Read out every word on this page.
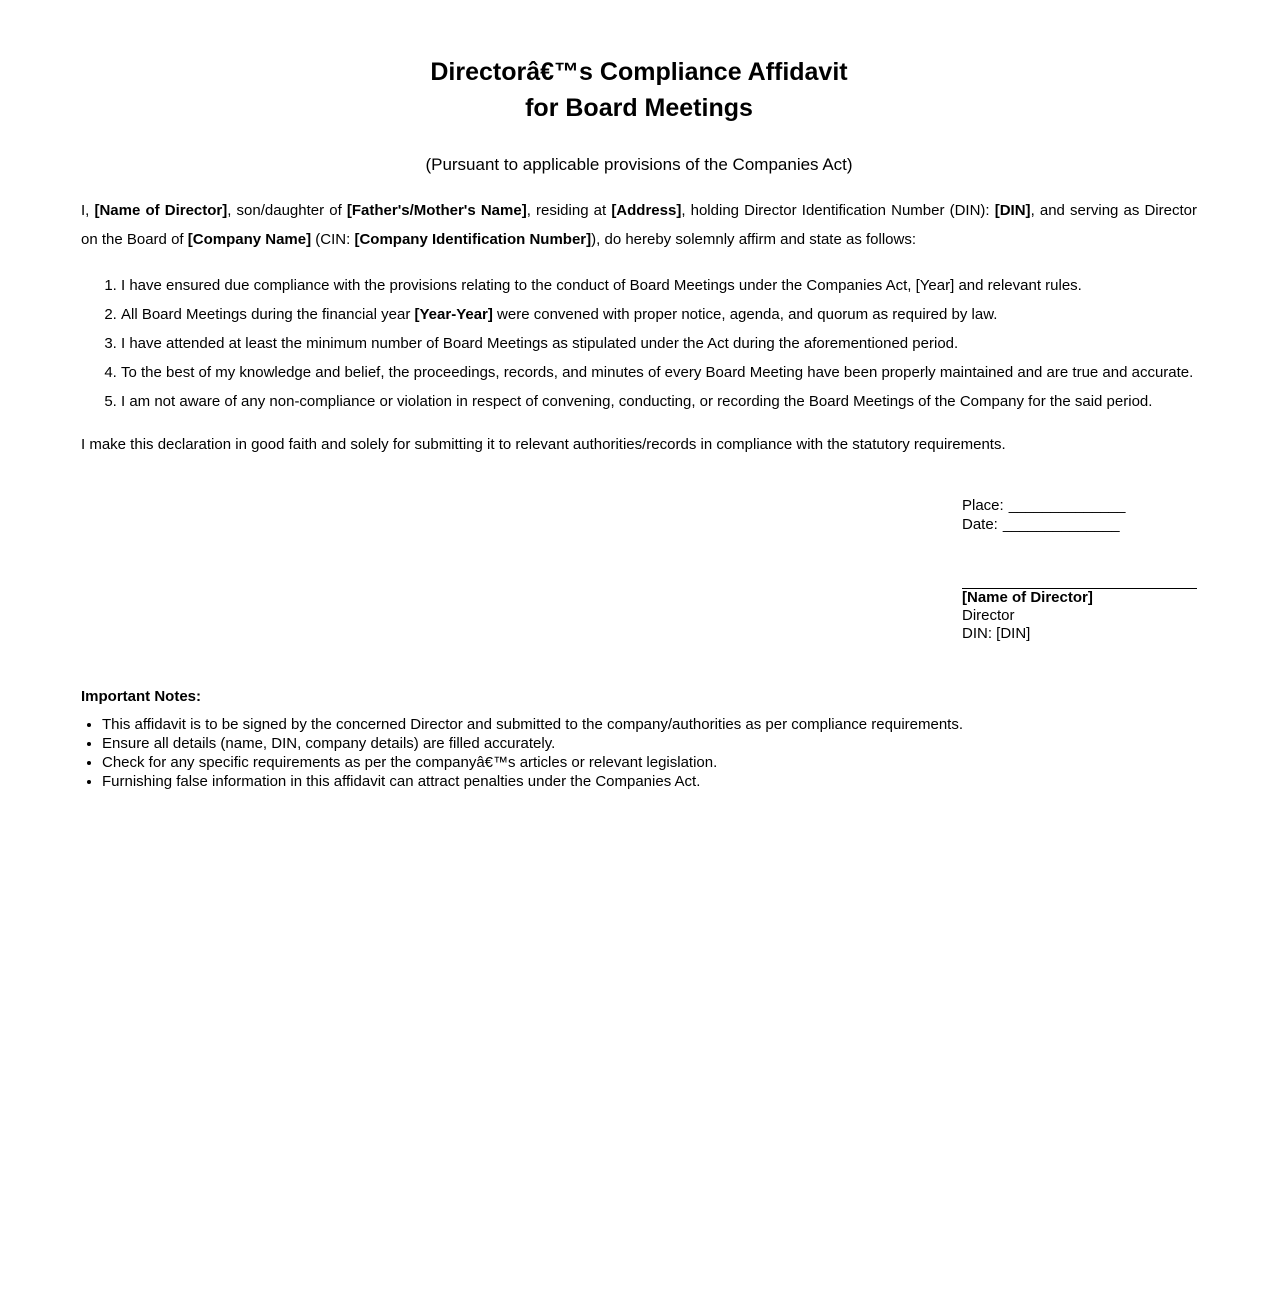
Directorâ€™s Compliance Affidavit
for Board Meetings

(Pursuant to applicable provisions of the Companies Act)

I, [Name of Director], son/daughter of [Father's/Mother's Name], residing at [Address], holding Director Identification Number (DIN): [DIN], and serving as Director on the Board of [Company Name] (CIN: [Company Identification Number]), do hereby solemnly affirm and state as follows:

1. I have ensured due compliance with the provisions relating to the conduct of Board Meetings under the Companies Act, [Year] and relevant rules.
2. All Board Meetings during the financial year [Year-Year] were convened with proper notice, agenda, and quorum as required by law.
3. I have attended at least the minimum number of Board Meetings as stipulated under the Act during the aforementioned period.
4. To the best of my knowledge and belief, the proceedings, records, and minutes of every Board Meeting have been properly maintained and are true and accurate.
5. I am not aware of any non-compliance or violation in respect of convening, conducting, or recording the Board Meetings of the Company for the said period.

I make this declaration in good faith and solely for submitting it to relevant authorities/records in compliance with the statutory requirements.

Place: ______________
Date: ______________
[Name of Director]
Director
DIN: [DIN]

Important Notes:

• This affidavit is to be signed by the concerned Director and submitted to the company/authorities as per compliance requirements.
• Ensure all details (name, DIN, company details) are filled accurately.
• Check for any specific requirements as per the companyâ€™s articles or relevant legislation.
• Furnishing false information in this affidavit can attract penalties under the Companies Act.
